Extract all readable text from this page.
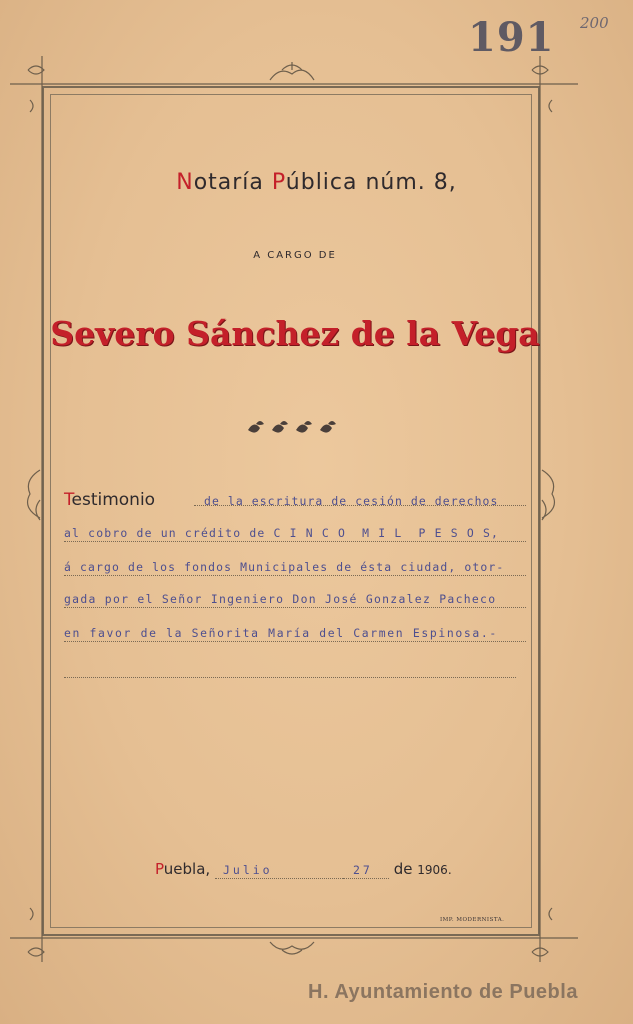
191 200
Notaría Pública núm. 8,
A CARGO DE
Severo Sánchez de la Vega
Testimonio	de la escritura de cesión de derechos
al cobro de un crédito de C I N C O  M I L  P E S O S,
á cargo de los fondos Municipales de ésta ciudad, otor-
gada por el Señor Ingeniero Don José Gonzalez Pacheco
en favor de la Señorita María del Carmen Espinosa.-
Puebla, Julio	27 de 1906.
IMP. MODERNISTA.
H. Ayuntamiento de Puebla
